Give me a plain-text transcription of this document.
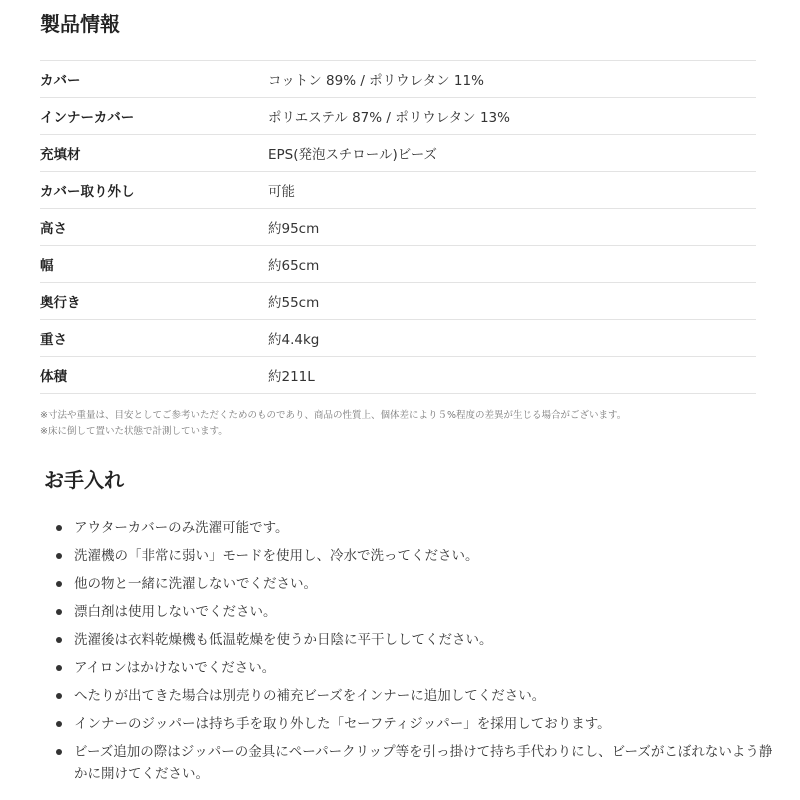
製品情報
カバー	コットン 89% / ポリウレタン 11%
インナーカバー	ポリエステル 87% / ポリウレタン 13%
充填材	EPS(発泡スチロール)ビーズ
カバー取り外し	可能
高さ	約95cm
幅	約65cm
奥行き	約55cm
重さ	約4.4kg
体積	約211L
※寸法や重量は、目安としてご参考いただくためのものであり、商品の性質上、個体差により５%程度の差異が生じる場合がございます。
※床に倒して置いた状態で計測しています。
お手入れ
アウターカバーのみ洗濯可能です。
洗濯機の「非常に弱い」モードを使用し、冷水で洗ってください。
他の物と一緒に洗濯しないでください。
漂白剤は使用しないでください。
洗濯後は衣料乾燥機も低温乾燥を使うか日陰に平干ししてください。
アイロンはかけないでください。
へたりが出てきた場合は別売りの補充ビーズをインナーに追加してください。
インナーのジッパーは持ち手を取り外した「セーフティジッパー」を採用しております。
ビーズ追加の際はジッパーの金具にペーパークリップ等を引っ掛けて持ち手代わりにし、ビーズがこぼれないよう静かに開けてください。
